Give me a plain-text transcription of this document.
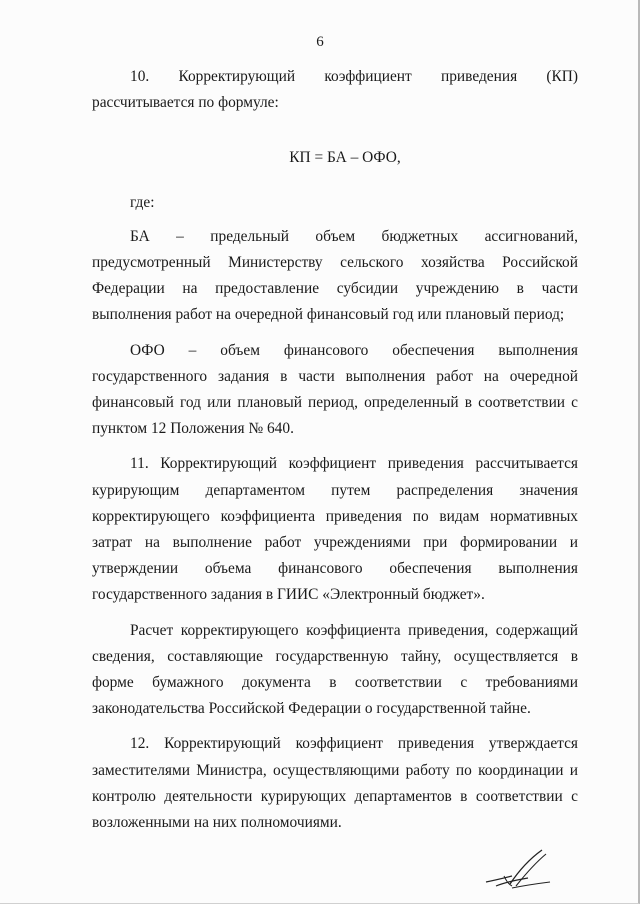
6

10. Корректирующий коэффициент приведения (КП) рассчитывается по формуле:

КП = БА – ОФО,

где:

БА – предельный объем бюджетных ассигнований, предусмотренный Министерству сельского хозяйства Российской Федерации на предоставление субсидии учреждению в части выполнения работ на очередной финансовый год или плановый период;

ОФО – объем финансового обеспечения выполнения государственного задания в части выполнения работ на очередной финансовый год или плановый период, определенный в соответствии с пунктом 12 Положения № 640.

11. Корректирующий коэффициент приведения рассчитывается курирующим департаментом путем распределения значения корректирующего коэффициента приведения по видам нормативных затрат на выполнение работ учреждениями при формировании и утверждении объема финансового обеспечения выполнения государственного задания в ГИИС «Электронный бюджет».

Расчет корректирующего коэффициента приведения, содержащий сведения, составляющие государственную тайну, осуществляется в форме бумажного документа в соответствии с требованиями законодательства Российской Федерации о государственной тайне.

12. Корректирующий коэффициент приведения утверждается заместителями Министра, осуществляющими работу по координации и контролю деятельности курирующих департаментов в соответствии с возложенными на них полномочиями.
